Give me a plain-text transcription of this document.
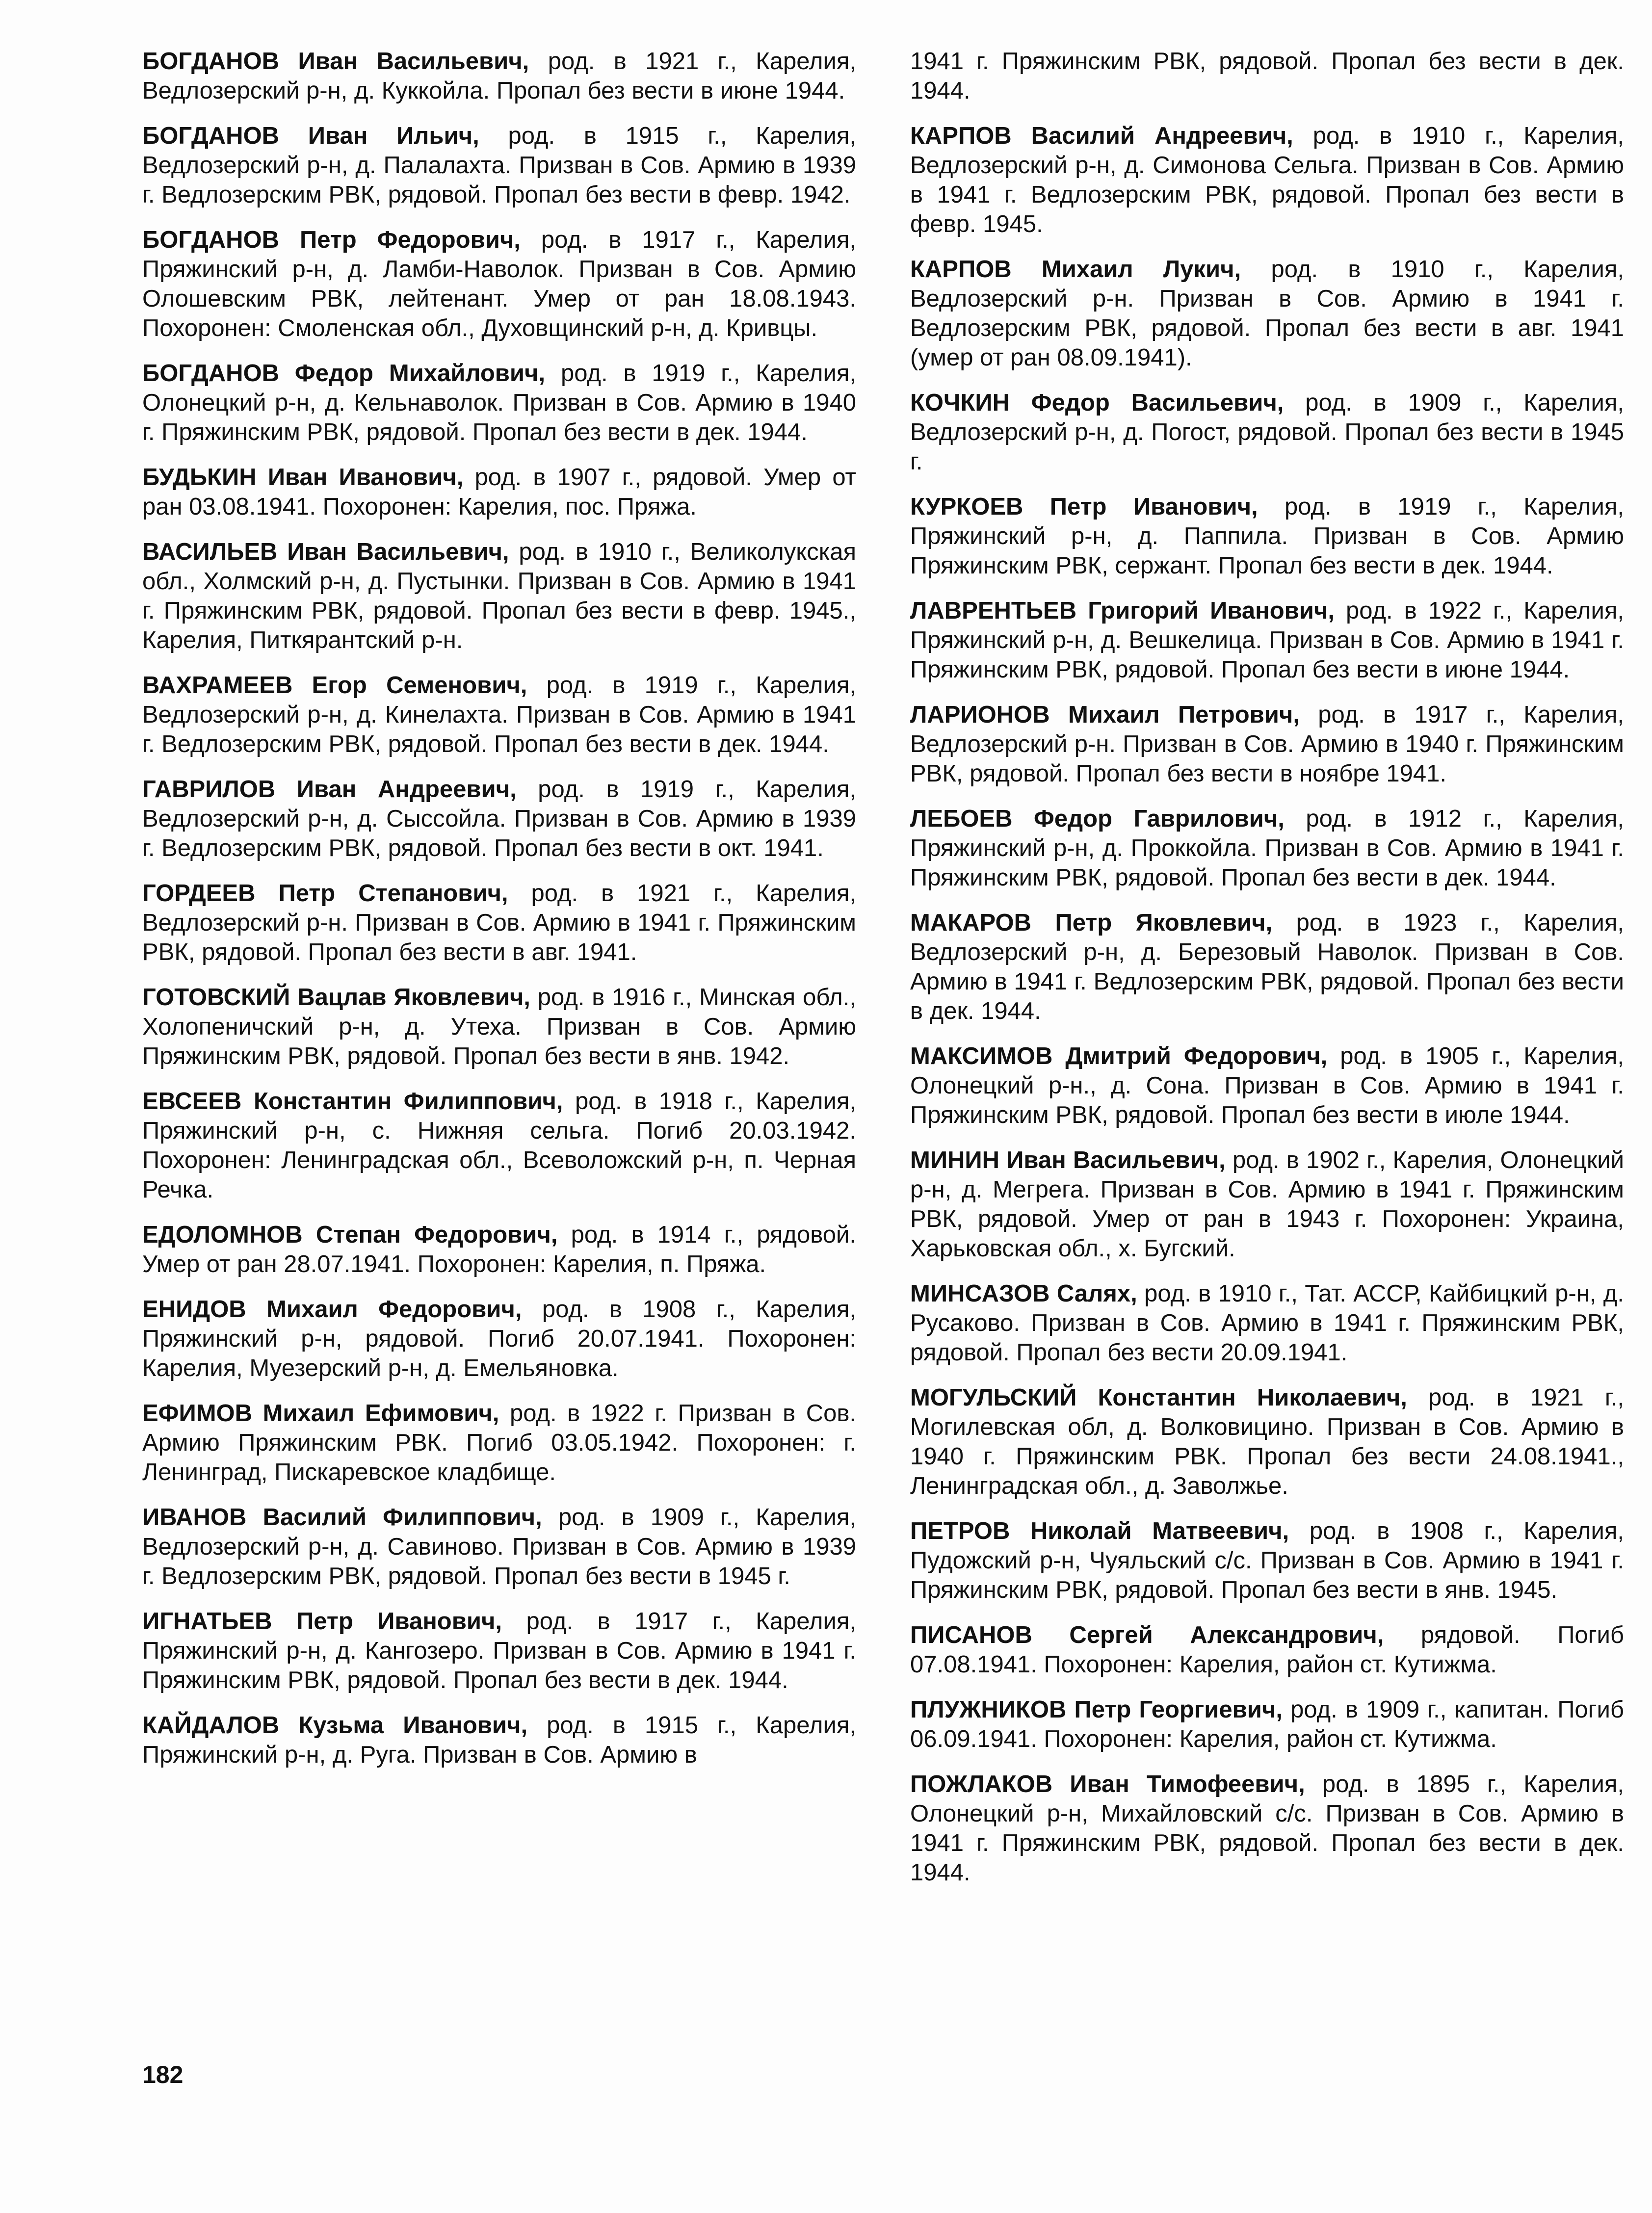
БОГДАНОВ Иван Васильевич, род. в 1921 г., Карелия, Ведлозерский р-н, д. Куккойла. Пропал без вести в июне 1944.

БОГДАНОВ Иван Ильич, род. в 1915 г., Карелия, Ведлозерский р-н, д. Палалахта. Призван в Сов. Армию в 1939 г. Ведлозерским РВК, рядовой. Пропал без вести в февр. 1942.

БОГДАНОВ Петр Федорович, род. в 1917 г., Карелия, Пряжинский р-н, д. Ламби-Наволок. Призван в Сов. Армию Олошевским РВК, лейтенант. Умер от ран 18.08.1943. Похоронен: Смоленская обл., Духовщинский р-н, д. Кривцы.

БОГДАНОВ Федор Михайлович, род. в 1919 г., Карелия, Олонецкий р-н, д. Кельнаволок. Призван в Сов. Армию в 1940 г. Пряжинским РВК, рядовой. Пропал без вести в дек. 1944.

БУДЬКИН Иван Иванович, род. в 1907 г., рядовой. Умер от ран 03.08.1941. Похоронен: Карелия, пос. Пряжа.

ВАСИЛЬЕВ Иван Васильевич, род. в 1910 г., Великолукская обл., Холмский р-н, д. Пустынки. Призван в Сов. Армию в 1941 г. Пряжинским РВК, рядовой. Пропал без вести в февр. 1945., Карелия, Питкярантский р-н.

ВАХРАМЕЕВ Егор Семенович, род. в 1919 г., Карелия, Ведлозерский р-н, д. Кинелахта. Призван в Сов. Армию в 1941 г. Ведлозерским РВК, рядовой. Пропал без вести в дек. 1944.

ГАВРИЛОВ Иван Андреевич, род. в 1919 г., Карелия, Ведлозерский р-н, д. Сыссойла. Призван в Сов. Армию в 1939 г. Ведлозерским РВК, рядовой. Пропал без вести в окт. 1941.

ГОРДЕЕВ Петр Степанович, род. в 1921 г., Карелия, Ведлозерский р-н. Призван в Сов. Армию в 1941 г. Пряжинским РВК, рядовой. Пропал без вести в авг. 1941.

ГОТОВСКИЙ Вацлав Яковлевич, род. в 1916 г., Минская обл., Холопеничский р-н, д. Утеха. Призван в Сов. Армию Пряжинским РВК, рядовой. Пропал без вести в янв. 1942.

ЕВСЕЕВ Константин Филиппович, род. в 1918 г., Карелия, Пряжинский р-н, с. Нижняя сельга. Погиб 20.03.1942. Похоронен: Ленинградская обл., Всеволожский р-н, п. Черная Речка.

ЕДОЛОМНОВ Степан Федорович, род. в 1914 г., рядовой. Умер от ран 28.07.1941. Похоронен: Карелия, п. Пряжа.

ЕНИДОВ Михаил Федорович, род. в 1908 г., Карелия, Пряжинский р-н, рядовой. Погиб 20.07.1941. Похоронен: Карелия, Муезерский р-н, д. Емельяновка.

ЕФИМОВ Михаил Ефимович, род. в 1922 г. Призван в Сов. Армию Пряжинским РВК. Погиб 03.05.1942. Похоронен: г. Ленинград, Пискаревское кладбище.

ИВАНОВ Василий Филиппович, род. в 1909 г., Карелия, Ведлозерский р-н, д. Савиново. Призван в Сов. Армию в 1939 г. Ведлозерским РВК, рядовой. Пропал без вести в 1945 г.

ИГНАТЬЕВ Петр Иванович, род. в 1917 г., Карелия, Пряжинский р-н, д. Кангозеро. Призван в Сов. Армию в 1941 г. Пряжинским РВК, рядовой. Пропал без вести в дек. 1944.

КАЙДАЛОВ Кузьма Иванович, род. в 1915 г., Карелия, Пряжинский р-н, д. Руга. Призван в Сов. Армию в

1941 г. Пряжинским РВК, рядовой. Пропал без вести в дек. 1944.

КАРПОВ Василий Андреевич, род. в 1910 г., Карелия, Ведлозерский р-н, д. Симонова Сельга. Призван в Сов. Армию в 1941 г. Ведлозерским РВК, рядовой. Пропал без вести в февр. 1945.

КАРПОВ Михаил Лукич, род. в 1910 г., Карелия, Ведлозерский р-н. Призван в Сов. Армию в 1941 г. Ведлозерским РВК, рядовой. Пропал без вести в авг. 1941 (умер от ран 08.09.1941).

КОЧКИН Федор Васильевич, род. в 1909 г., Карелия, Ведлозерский р-н, д. Погост, рядовой. Пропал без вести в 1945 г.

КУРКОЕВ Петр Иванович, род. в 1919 г., Карелия, Пряжинский р-н, д. Паппила. Призван в Сов. Армию Пряжинским РВК, сержант. Пропал без вести в дек. 1944.

ЛАВРЕНТЬЕВ Григорий Иванович, род. в 1922 г., Карелия, Пряжинский р-н, д. Вешкелица. Призван в Сов. Армию в 1941 г. Пряжинским РВК, рядовой. Пропал без вести в июне 1944.

ЛАРИОНОВ Михаил Петрович, род. в 1917 г., Карелия, Ведлозерский р-н. Призван в Сов. Армию в 1940 г. Пряжинским РВК, рядовой. Пропал без вести в ноябре 1941.

ЛЕБОЕВ Федор Гаврилович, род. в 1912 г., Карелия, Пряжинский р-н, д. Проккойла. Призван в Сов. Армию в 1941 г. Пряжинским РВК, рядовой. Пропал без вести в дек. 1944.

МАКАРОВ Петр Яковлевич, род. в 1923 г., Карелия, Ведлозерский р-н, д. Березовый Наволок. Призван в Сов. Армию в 1941 г. Ведлозерским РВК, рядовой. Пропал без вести в дек. 1944.

МАКСИМОВ Дмитрий Федорович, род. в 1905 г., Карелия, Олонецкий р-н., д. Сона. Призван в Сов. Армию в 1941 г. Пряжинским РВК, рядовой. Пропал без вести в июле 1944.

МИНИН Иван Васильевич, род. в 1902 г., Карелия, Олонецкий р-н, д. Мегрега. Призван в Сов. Армию в 1941 г. Пряжинским РВК, рядовой. Умер от ран в 1943 г. Похоронен: Украина, Харьковская обл., х. Бугский.

МИНСАЗОВ Салях, род. в 1910 г., Тат. АССР, Кайбицкий р-н, д. Русаково. Призван в Сов. Армию в 1941 г. Пряжинским РВК, рядовой. Пропал без вести 20.09.1941.

МОГУЛЬСКИЙ Константин Николаевич, род. в 1921 г., Могилевская обл, д. Волковицино. Призван в Сов. Армию в 1940 г. Пряжинским РВК. Пропал без вести 24.08.1941., Ленинградская обл., д. Заволжье.

ПЕТРОВ Николай Матвеевич, род. в 1908 г., Карелия, Пудожский р-н, Чуяльский с/с. Призван в Сов. Армию в 1941 г. Пряжинским РВК, рядовой. Пропал без вести в янв. 1945.

ПИСАНОВ Сергей Александрович, рядовой. Погиб 07.08.1941. Похоронен: Карелия, район ст. Кутижма.

ПЛУЖНИКОВ Петр Георгиевич, род. в 1909 г., капитан. Погиб 06.09.1941. Похоронен: Карелия, район ст. Кутижма.

ПОЖЛАКОВ Иван Тимофеевич, род. в 1895 г., Карелия, Олонецкий р-н, Михайловский с/с. Призван в Сов. Армию в 1941 г. Пряжинским РВК, рядовой. Пропал без вести в дек. 1944.

182
